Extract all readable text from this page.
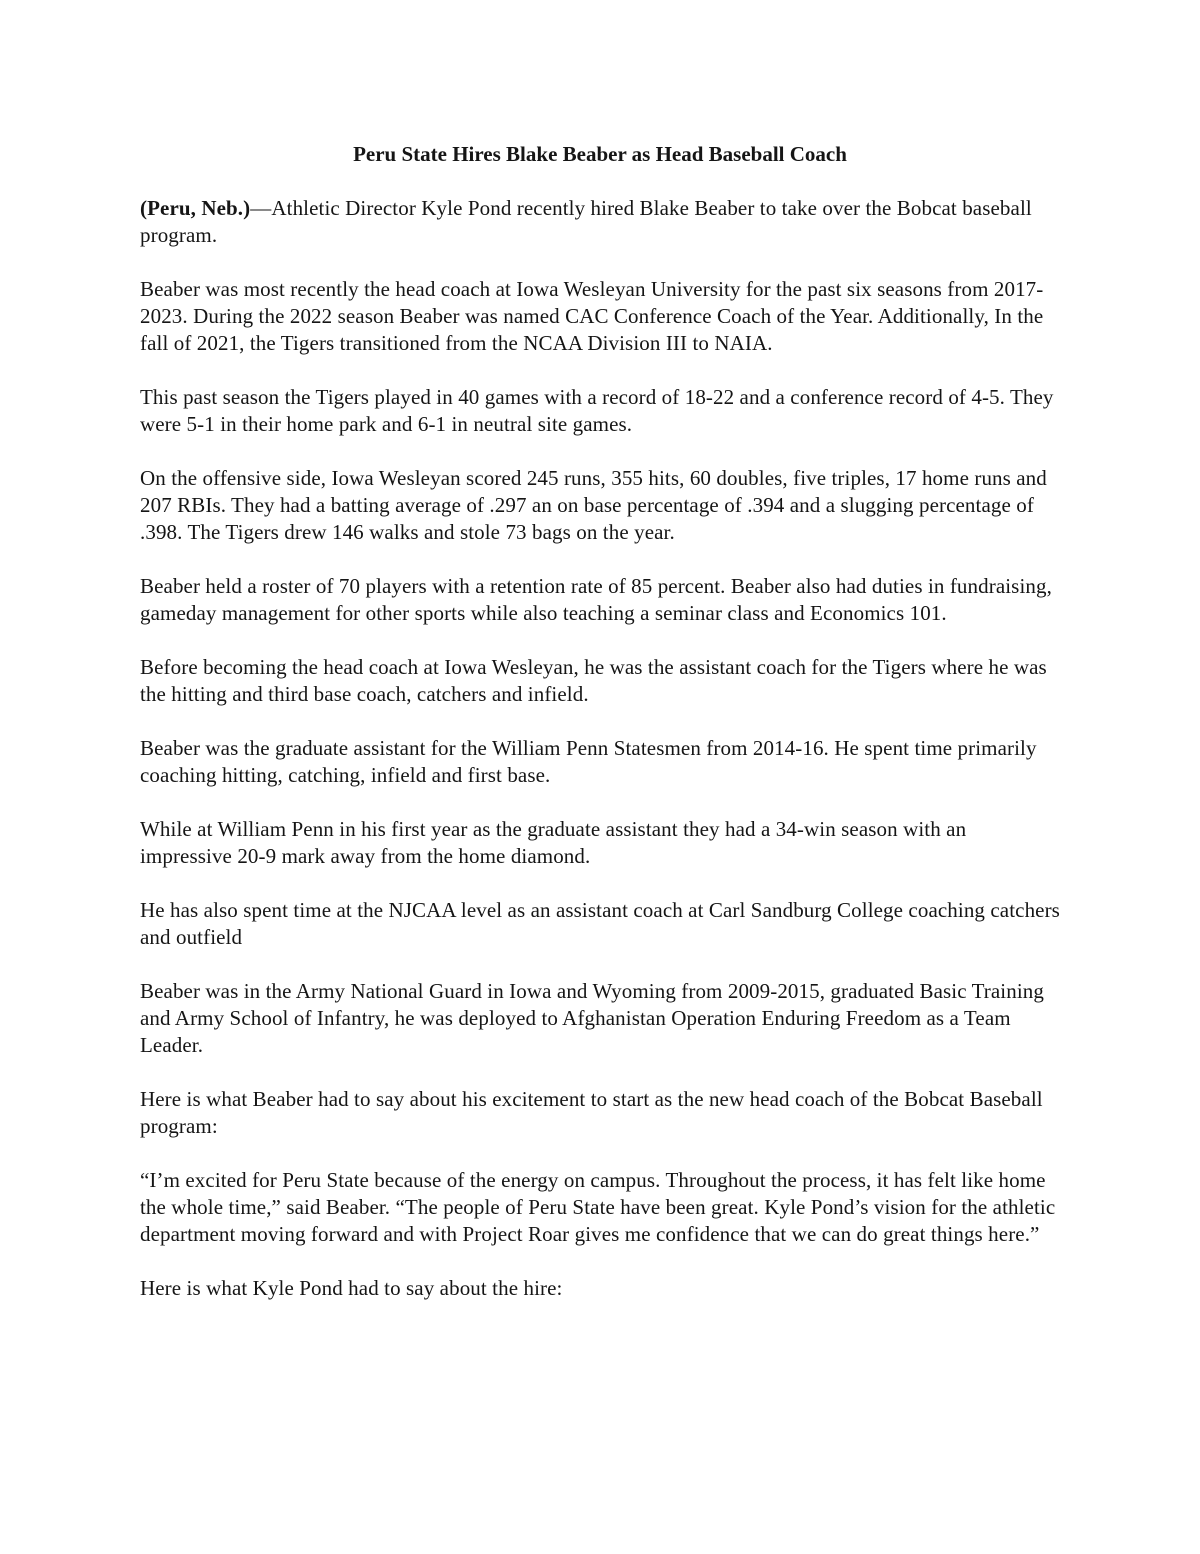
Peru State Hires Blake Beaber as Head Baseball Coach

(Peru, Neb.)—Athletic Director Kyle Pond recently hired Blake Beaber to take over the Bobcat baseball program.

Beaber was most recently the head coach at Iowa Wesleyan University for the past six seasons from 2017-2023. During the 2022 season Beaber was named CAC Conference Coach of the Year. Additionally, In the fall of 2021, the Tigers transitioned from the NCAA Division III to NAIA.

This past season the Tigers played in 40 games with a record of 18-22 and a conference record of 4-5. They were 5-1 in their home park and 6-1 in neutral site games.

On the offensive side, Iowa Wesleyan scored 245 runs, 355 hits, 60 doubles, five triples, 17 home runs and 207 RBIs. They had a batting average of .297 an on base percentage of .394 and a slugging percentage of .398. The Tigers drew 146 walks and stole 73 bags on the year.

Beaber held a roster of 70 players with a retention rate of 85 percent. Beaber also had duties in fundraising, gameday management for other sports while also teaching a seminar class and Economics 101.

Before becoming the head coach at Iowa Wesleyan, he was the assistant coach for the Tigers where he was the hitting and third base coach, catchers and infield.

Beaber was the graduate assistant for the William Penn Statesmen from 2014-16. He spent time primarily coaching hitting, catching, infield and first base.

While at William Penn in his first year as the graduate assistant they had a 34-win season with an impressive 20-9 mark away from the home diamond.

He has also spent time at the NJCAA level as an assistant coach at Carl Sandburg College coaching catchers and outfield

Beaber was in the Army National Guard in Iowa and Wyoming from 2009-2015, graduated Basic Training and Army School of Infantry, he was deployed to Afghanistan Operation Enduring Freedom as a Team Leader.

Here is what Beaber had to say about his excitement to start as the new head coach of the Bobcat Baseball program:

“I’m excited for Peru State because of the energy on campus. Throughout the process, it has felt like home the whole time,” said Beaber. “The people of Peru State have been great. Kyle Pond’s vision for the athletic department moving forward and with Project Roar gives me confidence that we can do great things here.”

Here is what Kyle Pond had to say about the hire:
